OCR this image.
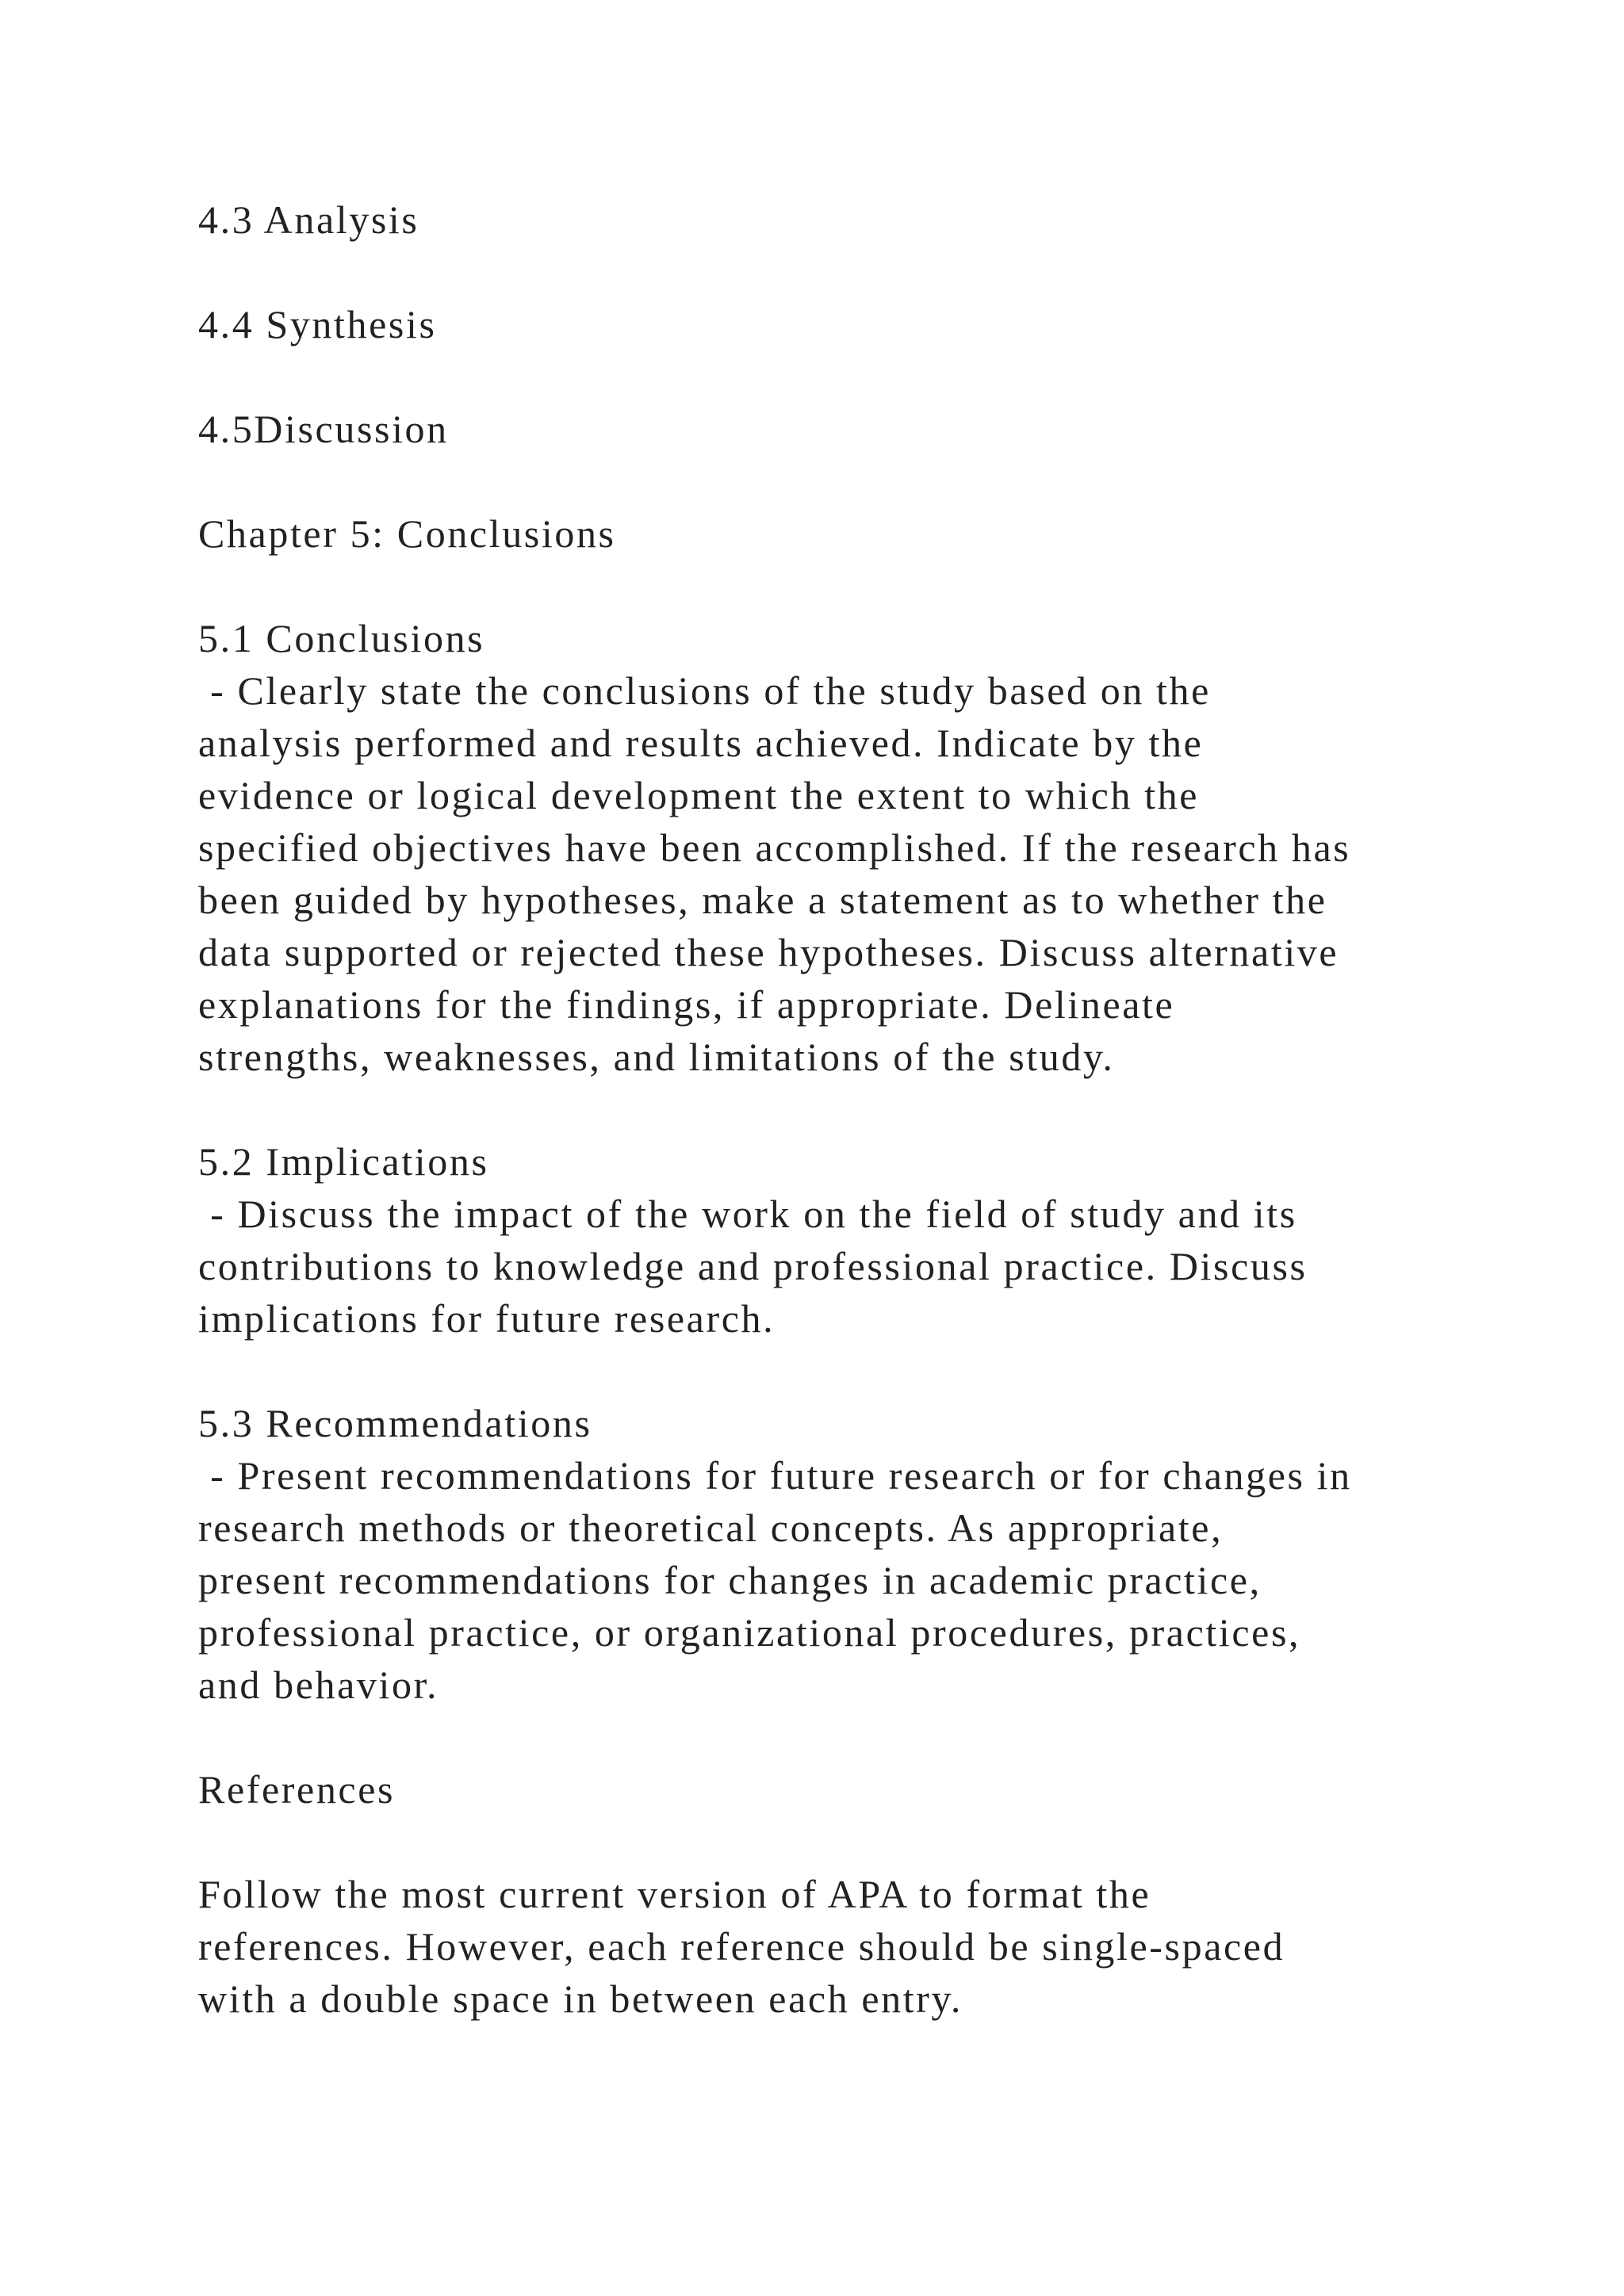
4.3 Analysis
4.4 Synthesis
4.5Discussion
Chapter 5: Conclusions
5.1 Conclusions
- Clearly state the conclusions of the study based on the
analysis performed and results achieved. Indicate by the
evidence or logical development the extent to which the
specified objectives have been accomplished. If the research has
been guided by hypotheses, make a statement as to whether the
data supported or rejected these hypotheses. Discuss alternative
explanations for the findings, if appropriate. Delineate
strengths, weaknesses, and limitations of the study.
5.2 Implications
- Discuss the impact of the work on the field of study and its
contributions to knowledge and professional practice. Discuss
implications for future research.
5.3 Recommendations
- Present recommendations for future research or for changes in
research methods or theoretical concepts. As appropriate,
present recommendations for changes in academic practice,
professional practice, or organizational procedures, practices,
and behavior.
References
Follow the most current version of APA to format the
references. However, each reference should be single-spaced
with a double space in between each entry.
